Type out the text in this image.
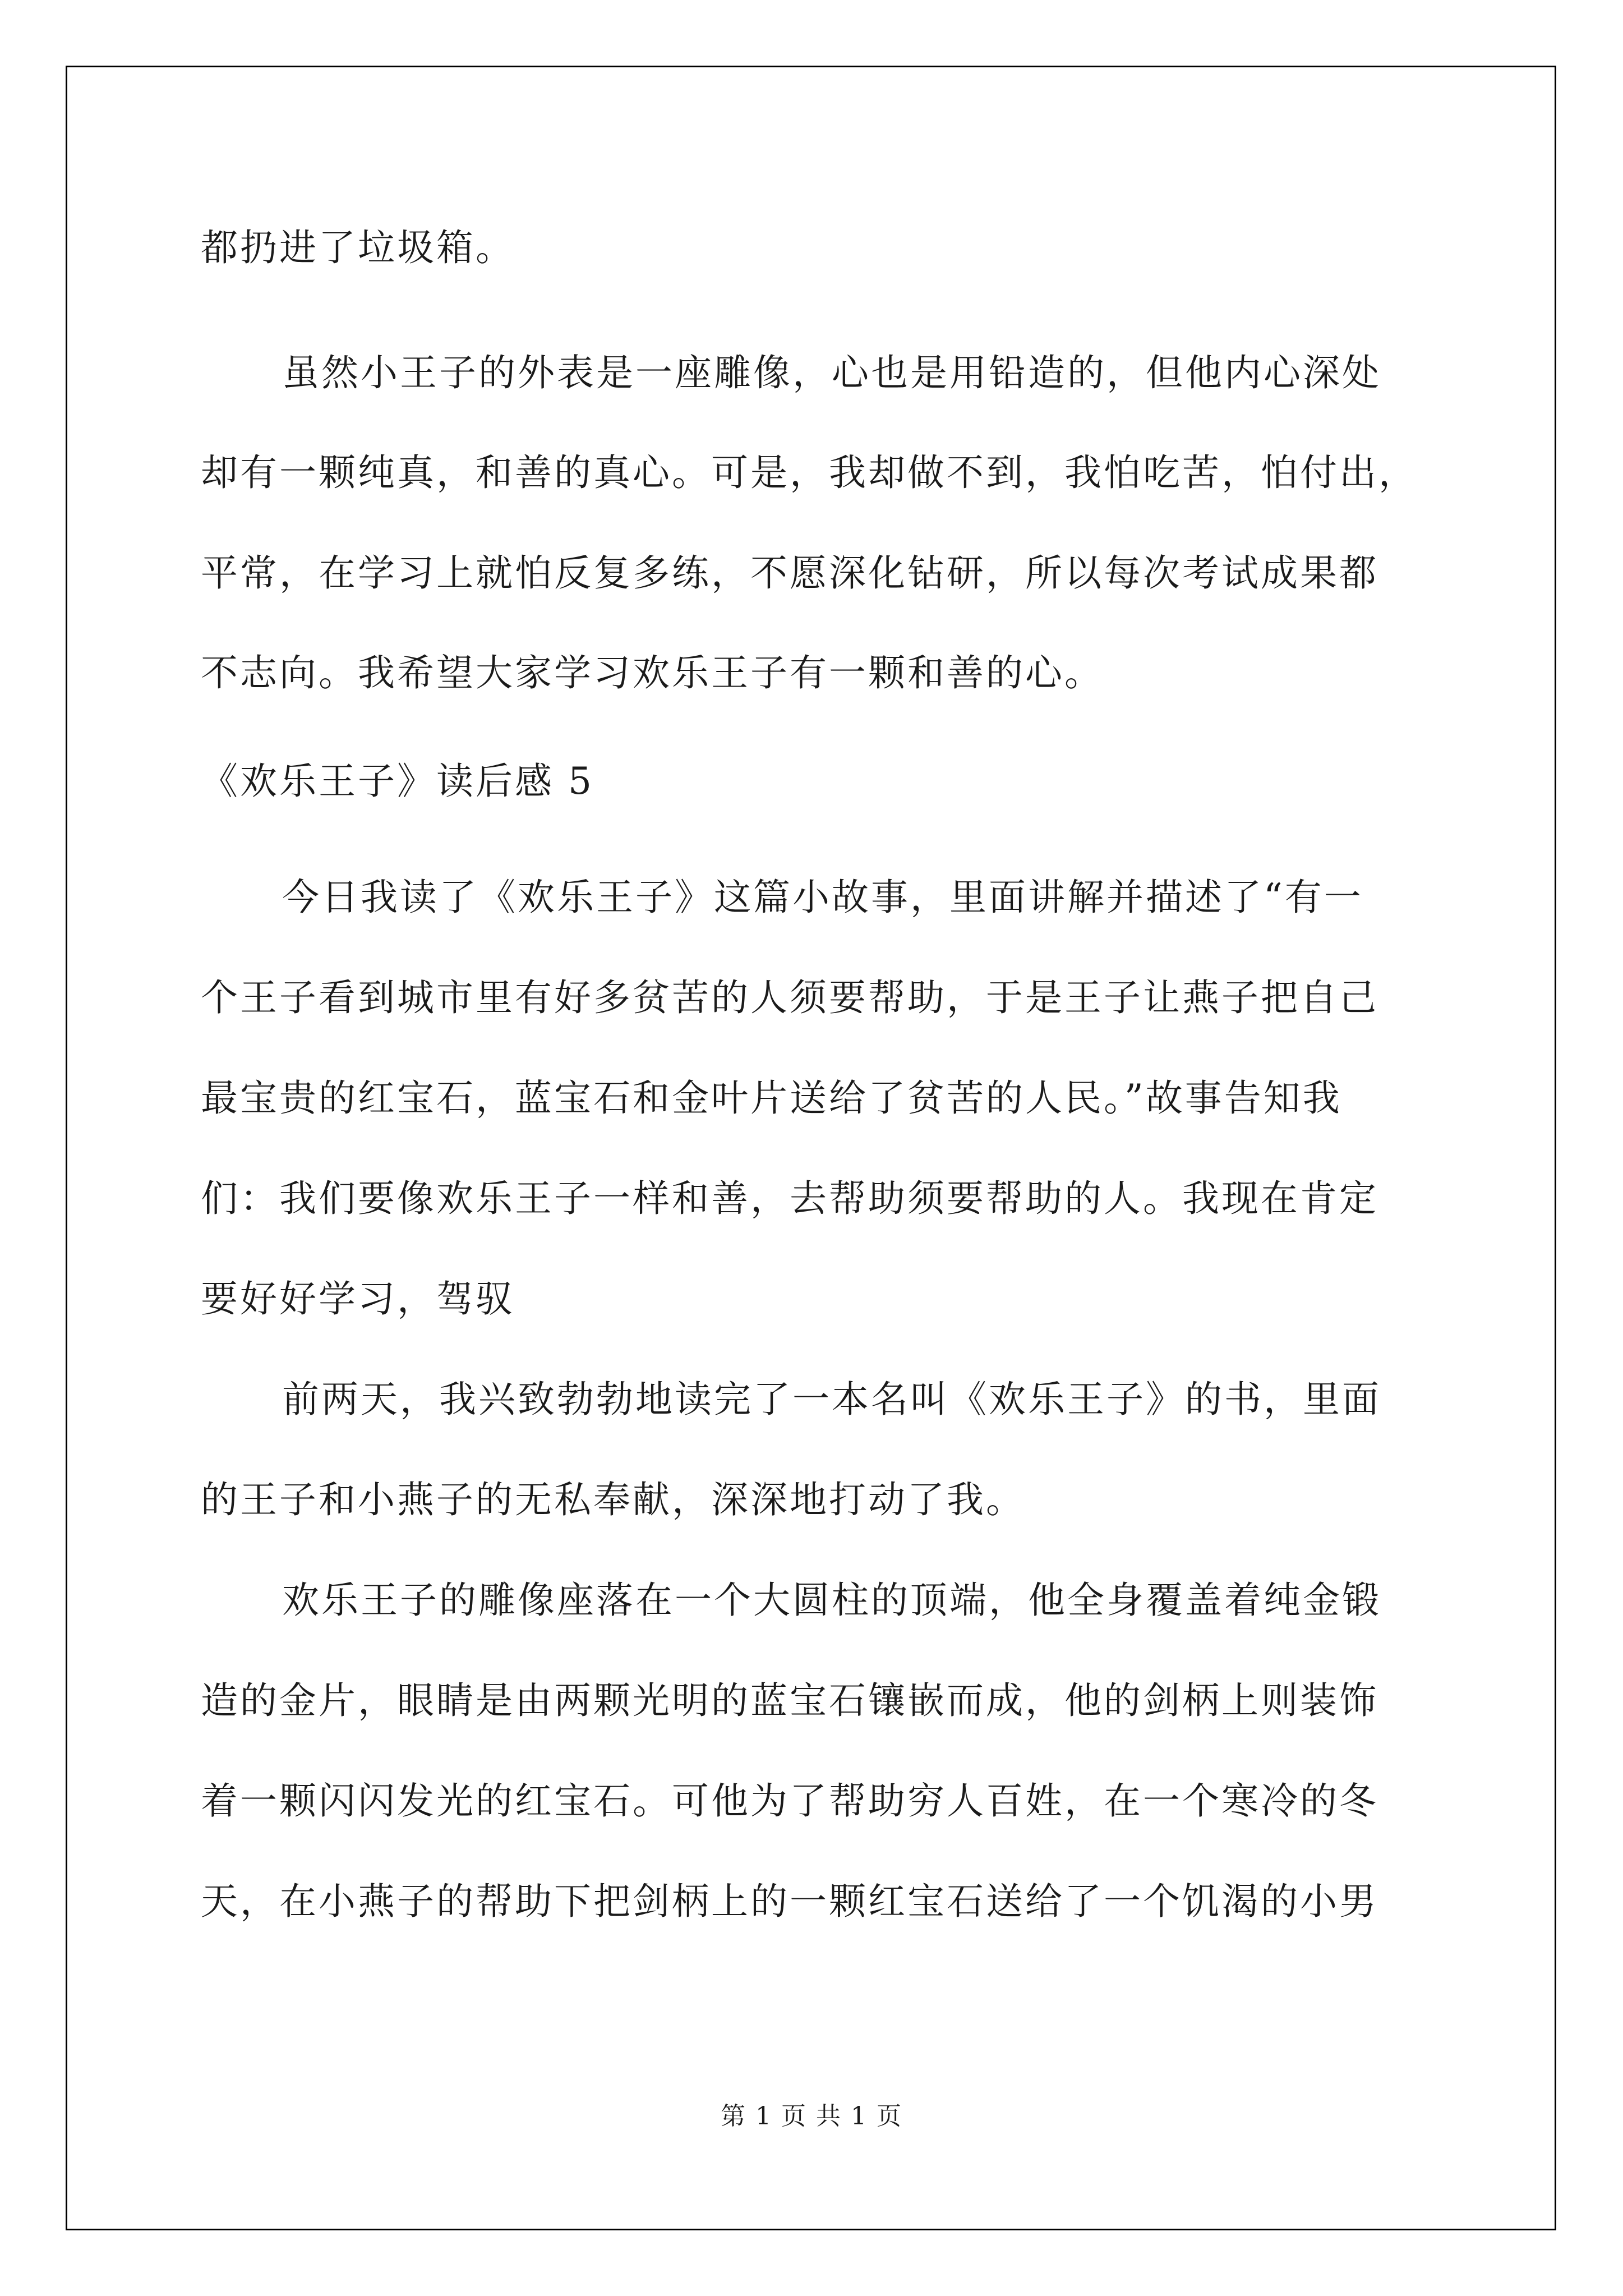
都扔进了垃圾箱。
虽然小王子的外表是一座雕像，心也是用铅造的，但他内心深处
却有一颗纯真，和善的真心。可是，我却做不到，我怕吃苦，怕付出，
平常，在学习上就怕反复多练，不愿深化钻研，所以每次考试成果都
不志向。我希望大家学习欢乐王子有一颗和善的心。
《欢乐王子》读后感 5
今日我读了《欢乐王子》这篇小故事，里面讲解并描述了“有一
个王子看到城市里有好多贫苦的人须要帮助，于是王子让燕子把自己
最宝贵的红宝石，蓝宝石和金叶片送给了贫苦的人民。”故事告知我
们：我们要像欢乐王子一样和善，去帮助须要帮助的人。我现在肯定
要好好学习，驾驭
前两天，我兴致勃勃地读完了一本名叫《欢乐王子》的书，里面
的王子和小燕子的无私奉献，深深地打动了我。
欢乐王子的雕像座落在一个大圆柱的顶端，他全身覆盖着纯金锻
造的金片，眼睛是由两颗光明的蓝宝石镶嵌而成，他的剑柄上则装饰
着一颗闪闪发光的红宝石。可他为了帮助穷人百姓，在一个寒冷的冬
天，在小燕子的帮助下把剑柄上的一颗红宝石送给了一个饥渴的小男
第 1 页 共 1 页
